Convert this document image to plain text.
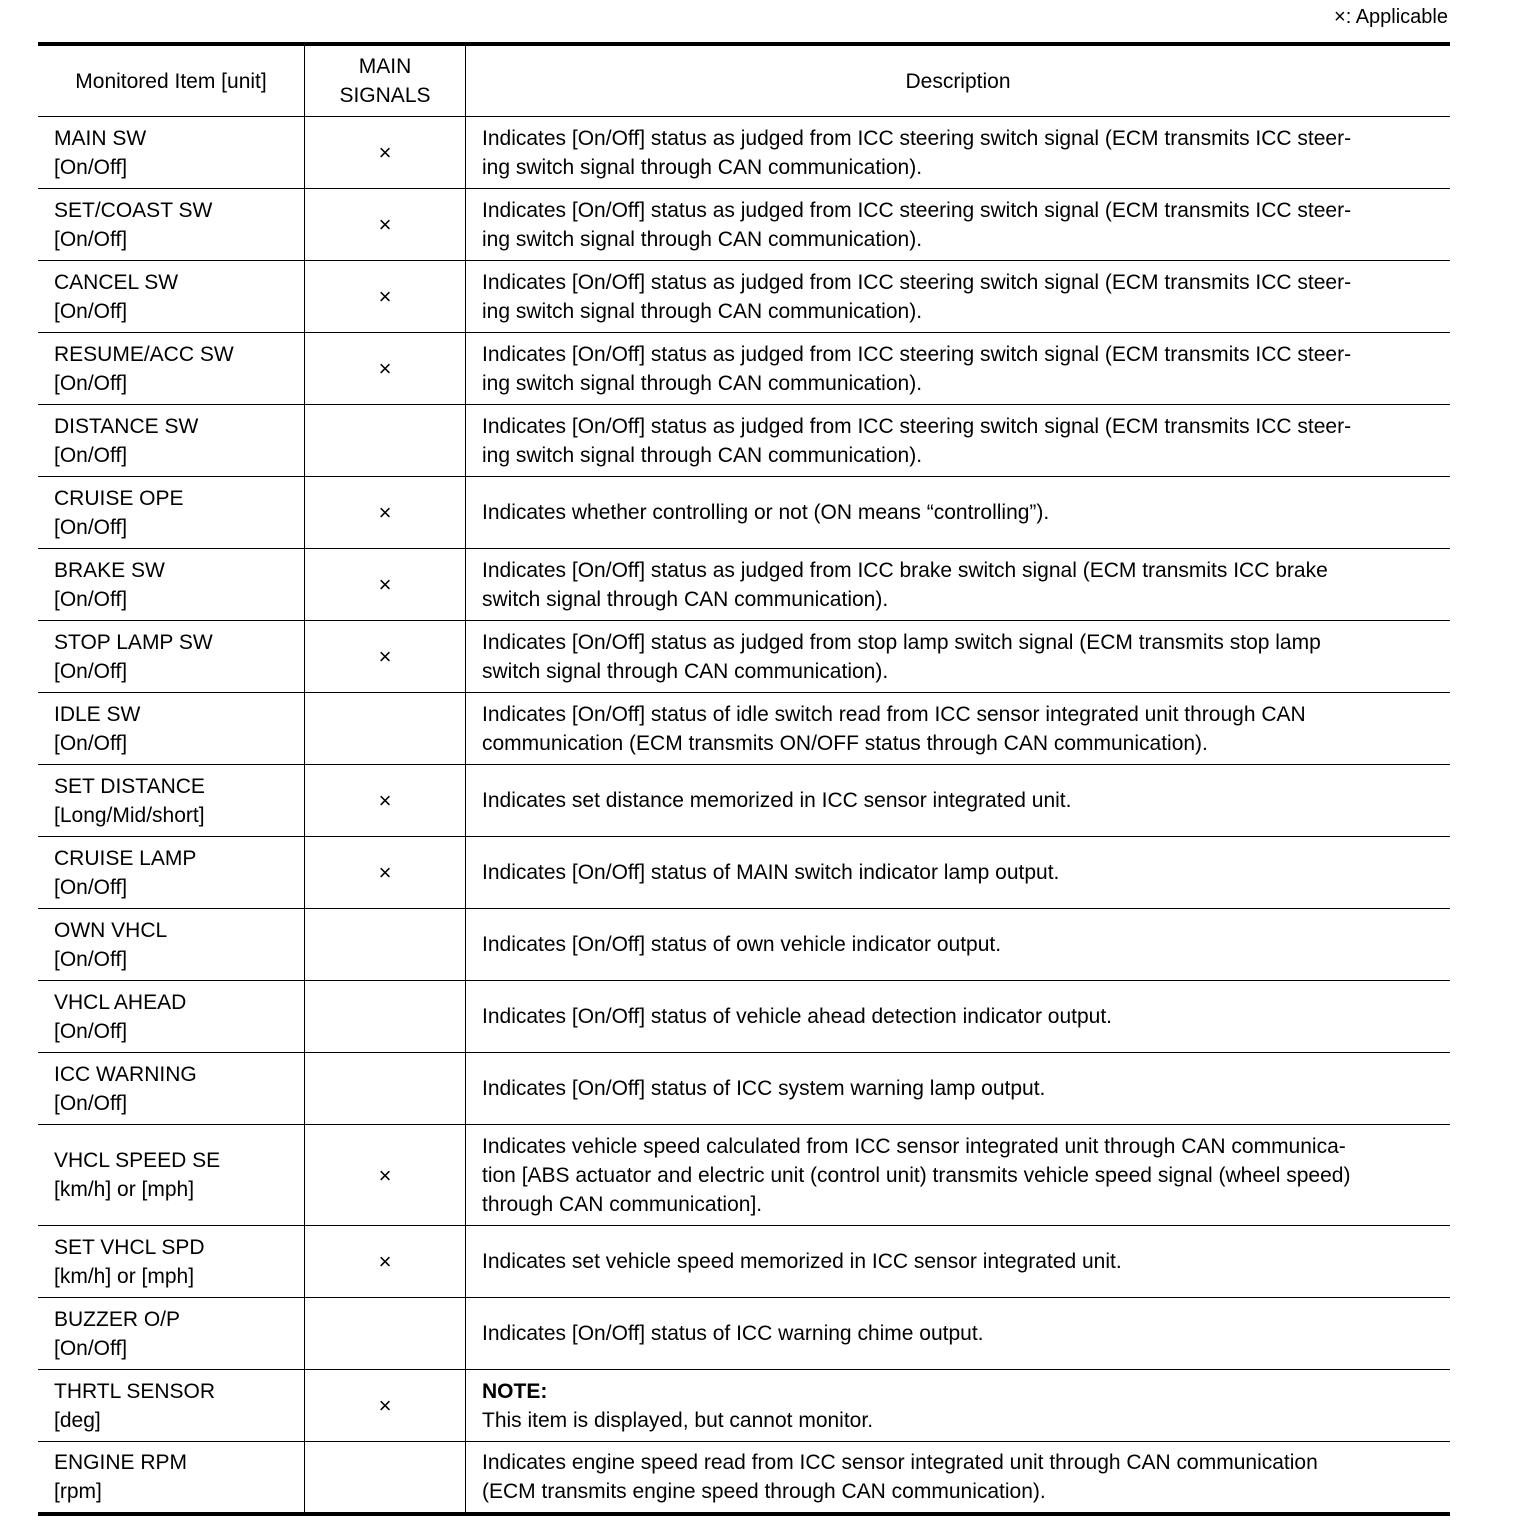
×: Applicable
Monitored Item [unit]	MAIN
SIGNALS	Description

MAIN SW
[On/Off]	×	Indicates [On/Off] status as judged from ICC steering switch signal (ECM transmits ICC steer-
ing switch signal through CAN communication).

SET/COAST SW
[On/Off]	×	Indicates [On/Off] status as judged from ICC steering switch signal (ECM transmits ICC steer-
ing switch signal through CAN communication).

CANCEL SW
[On/Off]	×	Indicates [On/Off] status as judged from ICC steering switch signal (ECM transmits ICC steer-
ing switch signal through CAN communication).

RESUME/ACC SW
[On/Off]	×	Indicates [On/Off] status as judged from ICC steering switch signal (ECM transmits ICC steer-
ing switch signal through CAN communication).

DISTANCE SW
[On/Off]		Indicates [On/Off] status as judged from ICC steering switch signal (ECM transmits ICC steer-
ing switch signal through CAN communication).

CRUISE OPE
[On/Off]	×	Indicates whether controlling or not (ON means “controlling”).

BRAKE SW
[On/Off]	×	Indicates [On/Off] status as judged from ICC brake switch signal (ECM transmits ICC brake
switch signal through CAN communication).

STOP LAMP SW
[On/Off]	×	Indicates [On/Off] status as judged from stop lamp switch signal (ECM transmits stop lamp
switch signal through CAN communication).

IDLE SW
[On/Off]		Indicates [On/Off] status of idle switch read from ICC sensor integrated unit through CAN
communication (ECM transmits ON/OFF status through CAN communication).

SET DISTANCE
[Long/Mid/short]	×	Indicates set distance memorized in ICC sensor integrated unit.

CRUISE LAMP
[On/Off]	×	Indicates [On/Off] status of MAIN switch indicator lamp output.

OWN VHCL
[On/Off]		Indicates [On/Off] status of own vehicle indicator output.

VHCL AHEAD
[On/Off]		Indicates [On/Off] status of vehicle ahead detection indicator output.

ICC WARNING
[On/Off]		Indicates [On/Off] status of ICC system warning lamp output.

VHCL SPEED SE
[km/h] or [mph]	×	Indicates vehicle speed calculated from ICC sensor integrated unit through CAN communica-
tion [ABS actuator and electric unit (control unit) transmits vehicle speed signal (wheel speed)
through CAN communication].

SET VHCL SPD
[km/h] or [mph]	×	Indicates set vehicle speed memorized in ICC sensor integrated unit.

BUZZER O/P
[On/Off]		Indicates [On/Off] status of ICC warning chime output.

THRTL SENSOR
[deg]	×	NOTE:
This item is displayed, but cannot monitor.

ENGINE RPM
[rpm]		Indicates engine speed read from ICC sensor integrated unit through CAN communication
(ECM transmits engine speed through CAN communication).
